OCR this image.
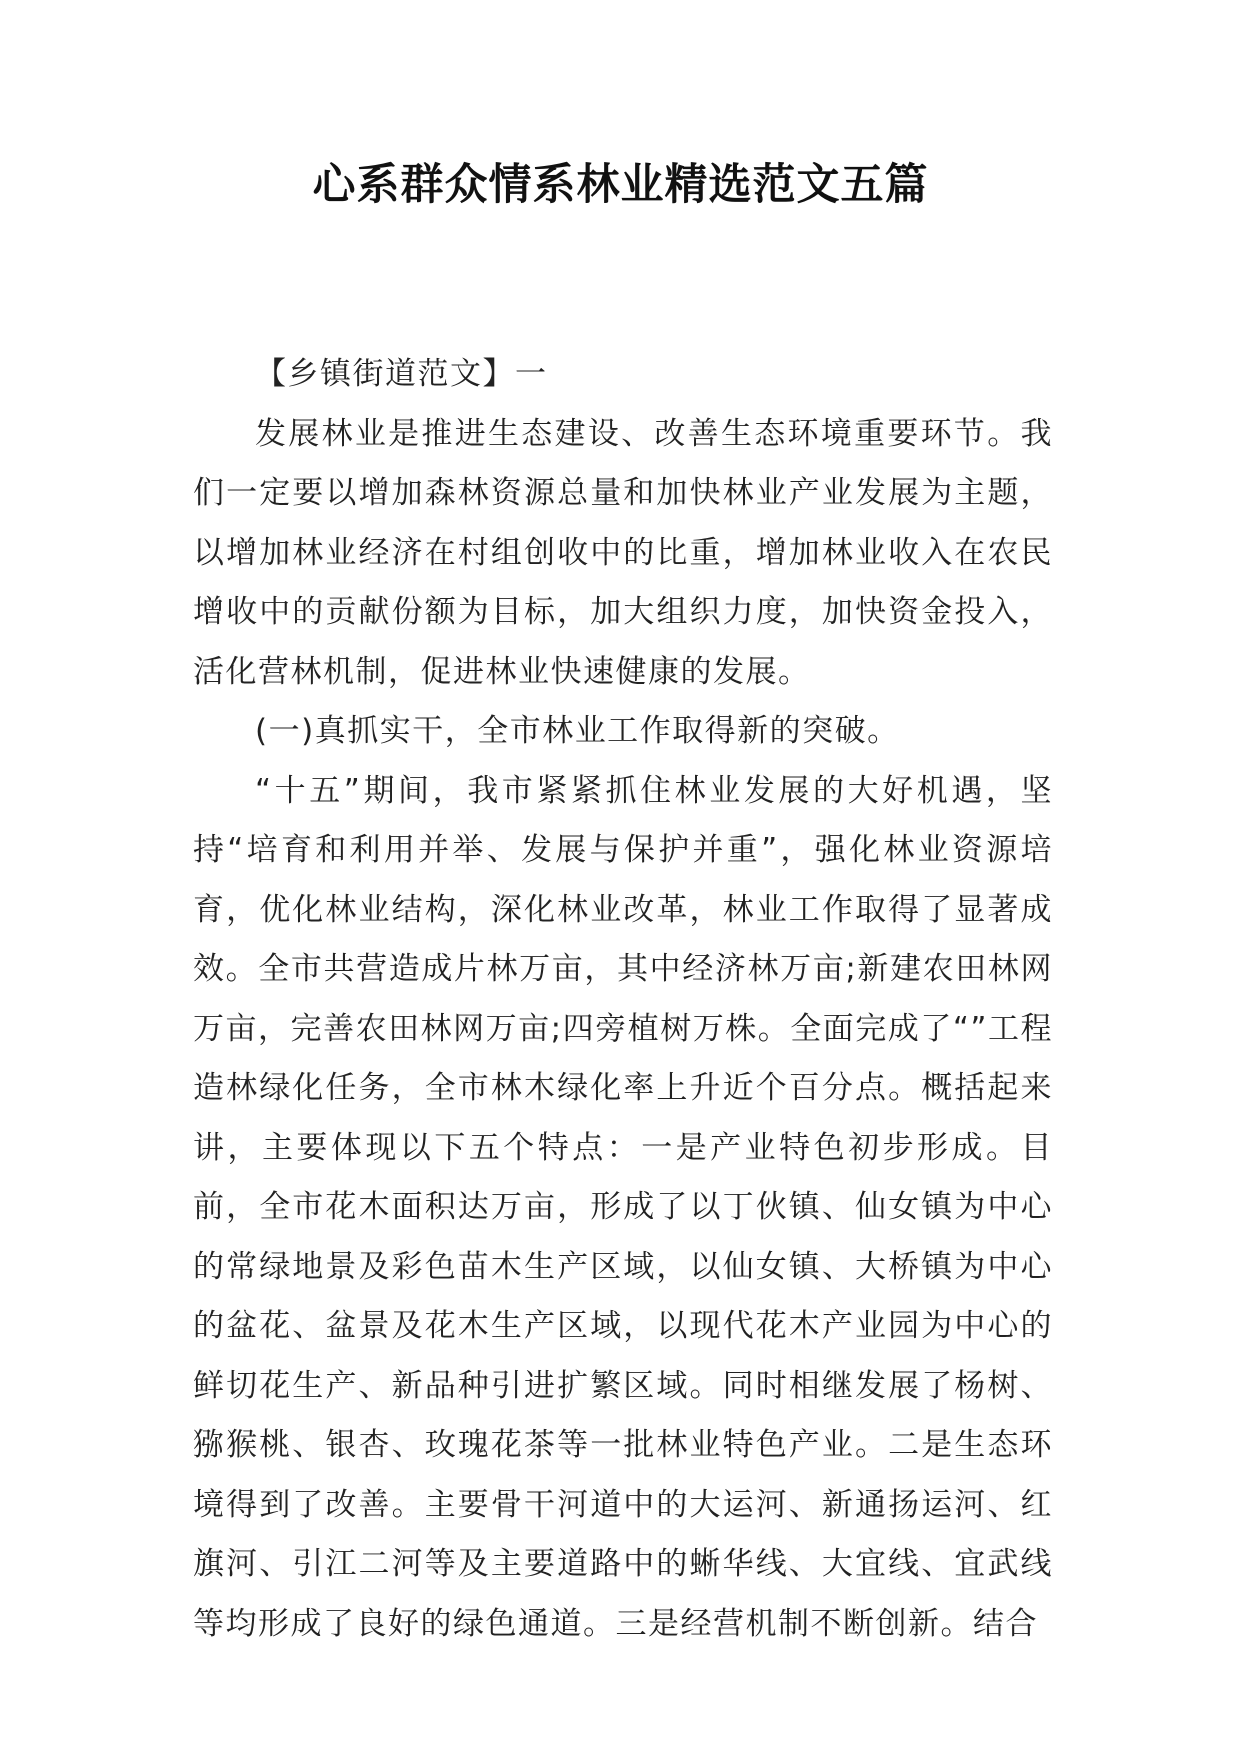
心系群众情系林业精选范文五篇

【乡镇街道范文】一

发展林业是推进生态建设、改善生态环境重要环节。我们一定要以增加森林资源总量和加快林业产业发展为主题，以增加林业经济在村组创收中的比重，增加林业收入在农民增收中的贡献份额为目标，加大组织力度，加快资金投入，活化营林机制，促进林业快速健康的发展。

(一)真抓实干，全市林业工作取得新的突破。

“十五”期间，我市紧紧抓住林业发展的大好机遇，坚持“培育和利用并举、发展与保护并重”，强化林业资源培育，优化林业结构，深化林业改革，林业工作取得了显著成效。全市共营造成片林万亩，其中经济林万亩;新建农田林网万亩，完善农田林网万亩;四旁植树万株。全面完成了“”工程造林绿化任务，全市林木绿化率上升近个百分点。概括起来讲，主要体现以下五个特点：一是产业特色初步形成。目前，全市花木面积达万亩，形成了以丁伙镇、仙女镇为中心的常绿地景及彩色苗木生产区域，以仙女镇、大桥镇为中心的盆花、盆景及花木生产区域，以现代花木产业园为中心的鲜切花生产、新品种引进扩繁区域。同时相继发展了杨树、猕猴桃、银杏、玫瑰花茶等一批林业特色产业。二是生态环境得到了改善。主要骨干河道中的大运河、新通扬运河、红旗河、引江二河等及主要道路中的蜥华线、大宜线、宜武线等均形成了良好的绿色通道。三是经营机制不断创新。结合
